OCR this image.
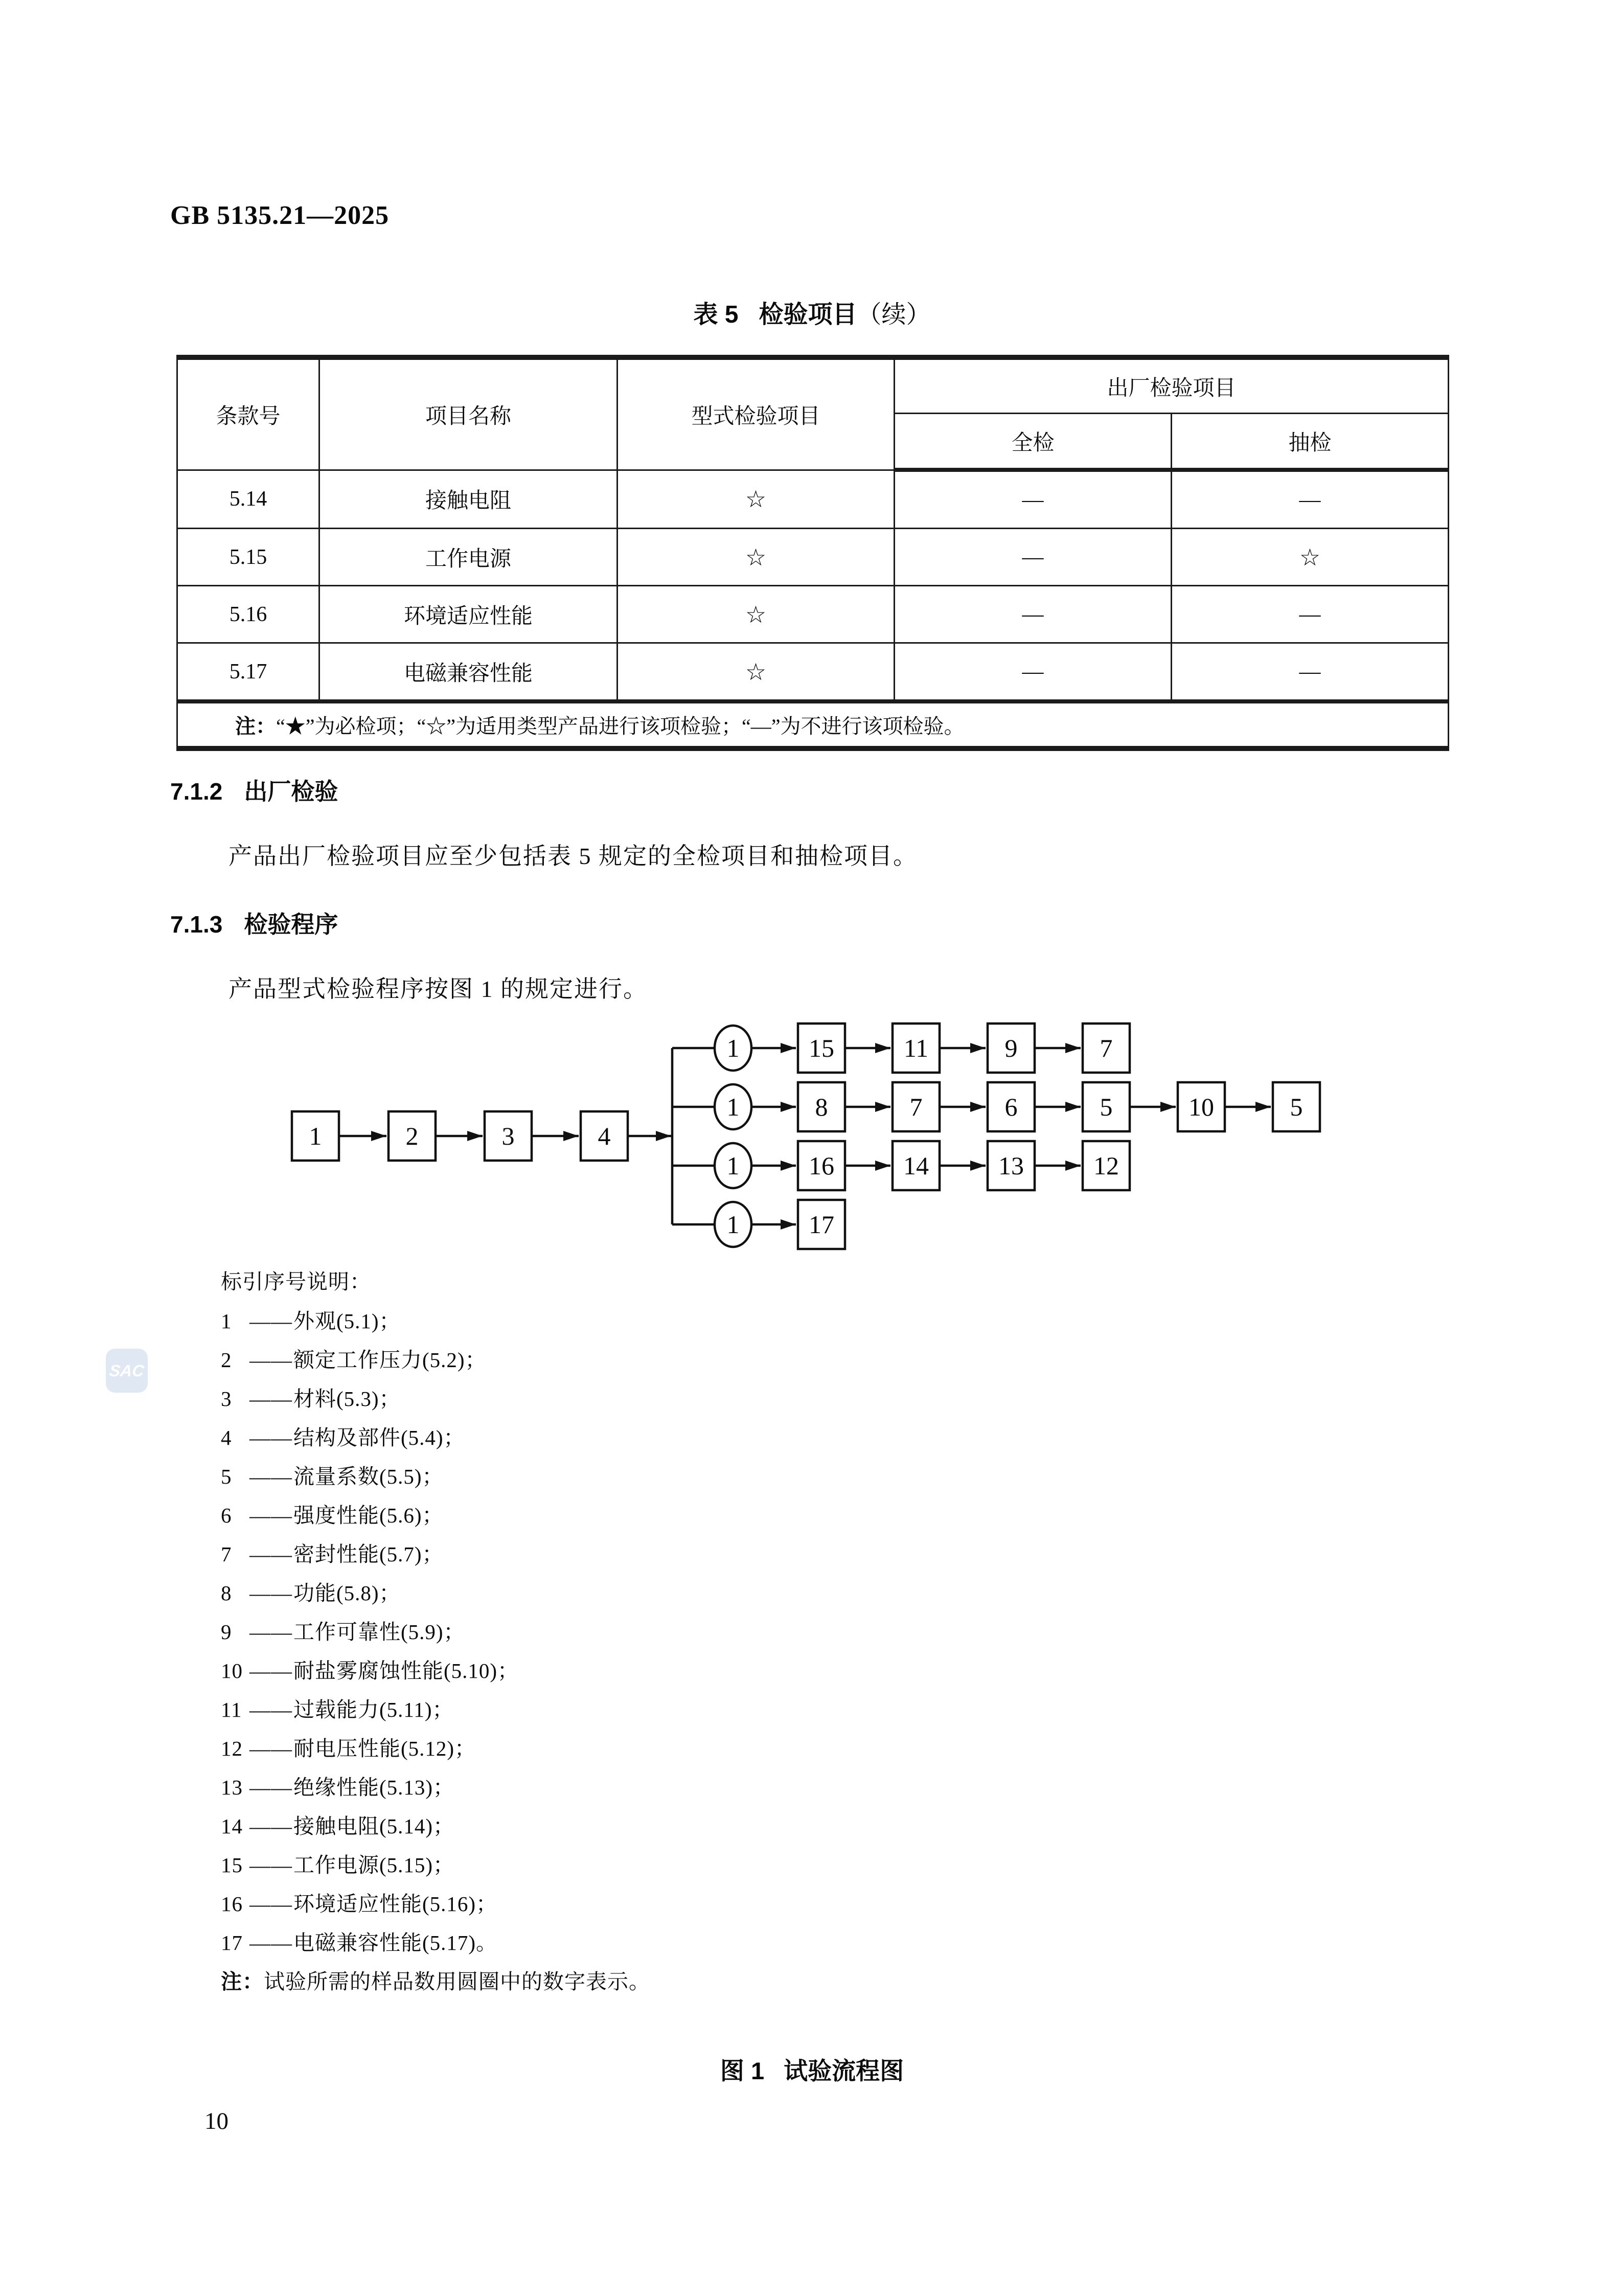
GB 5135.21—2025
表 5 检验项目（续）
条款号	项目名称	型式检验项目	出厂检验项目	
			全检	抽检
5.14	接触电阻	☆	—	—
5.15	工作电源	☆	—	☆
5.16	环境适应性能	☆	—	—
5.17	电磁兼容性能	☆	—	—
注：“★”为必检项；“☆”为适用类型产品进行该项检验；“—”为不进行该项检验。				
7.1.2 出厂检验
产品出厂检验项目应至少包括表 5 规定的全检项目和抽检项目。
7.1.3 检验程序
产品型式检验程序按图 1 的规定进行。
1	2	3	4
1	15	11	9	7
1	8	7	6	5	10	5
1	16	14	13	12
1	17
标引序号说明：
1 ——外观(5.1)；
2 ——额定工作压力(5.2)；
3 ——材料(5.3)；
4 ——结构及部件(5.4)；
5 ——流量系数(5.5)；
6 ——强度性能(5.6)；
7 ——密封性能(5.7)；
8 ——功能(5.8)；
9 ——工作可靠性(5.9)；
10 ——耐盐雾腐蚀性能(5.10)；
11 ——过载能力(5.11)；
12 ——耐电压性能(5.12)；
13 ——绝缘性能(5.13)；
14 ——接触电阻(5.14)；
15 ——工作电源(5.15)；
16 ——环境适应性能(5.16)；
17 ——电磁兼容性能(5.17)。
注：试验所需的样品数用圆圈中的数字表示。
图 1 试验流程图
10
SAC
